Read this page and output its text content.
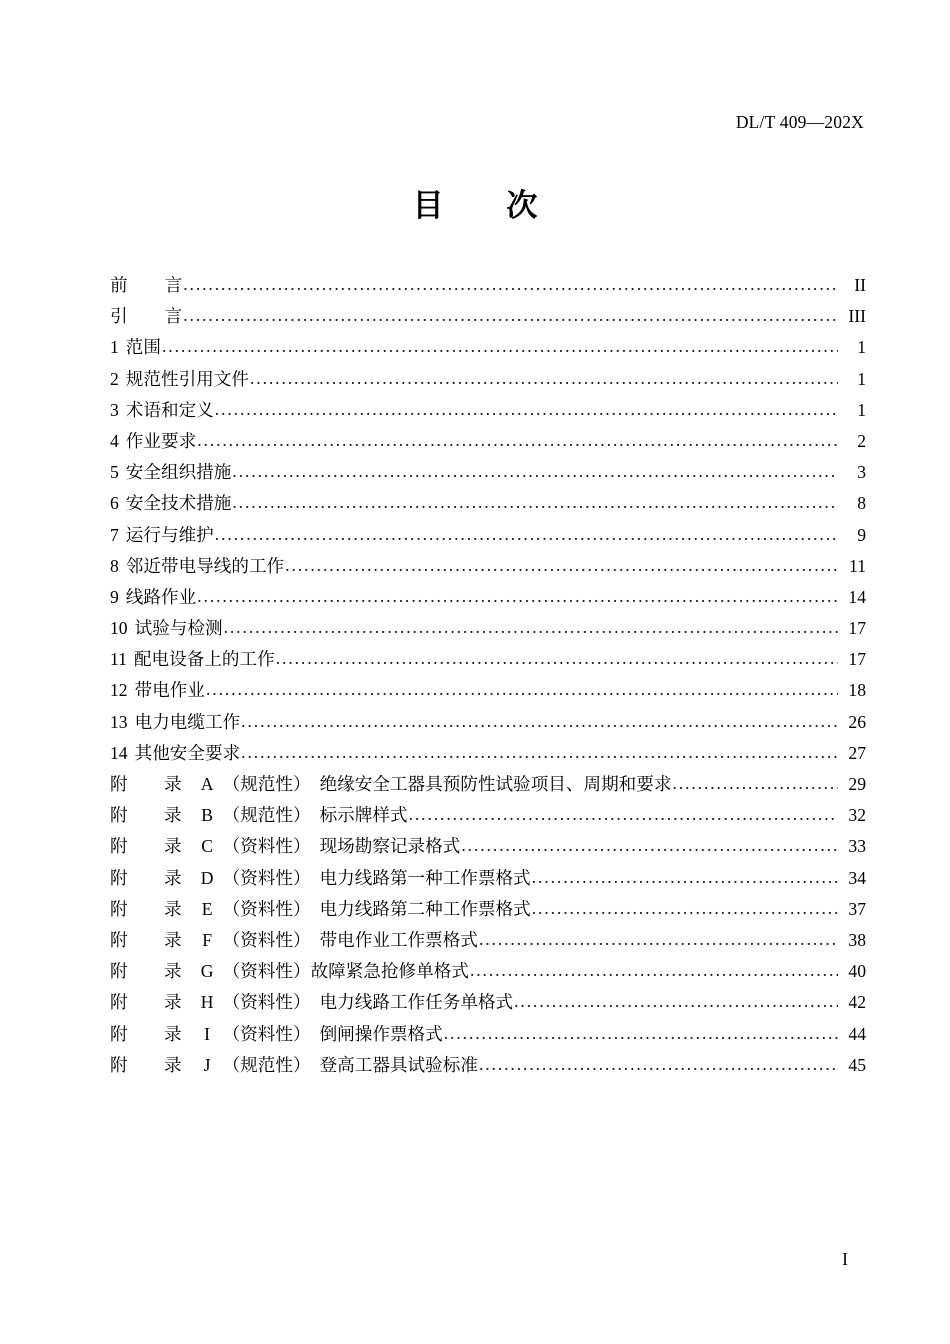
DL/T 409—202X
目 次
前 言 .....	II
引 言 .....	III
1 范围 .....	1
2 规范性引用文件 .....	1
3 术语和定义 .....	1
4 作业要求 .....	2
5 安全组织措施 .....	3
6 安全技术措施 .....	8
7 运行与维护 .....	9
8 邻近带电导线的工作 .....	11
9 线路作业 .....	14
10 试验与检测 .....	17
11 配电设备上的工作 .....	17
12 带电作业 .....	18
13 电力电缆工作 .....	26
14 其他安全要求 .....	27
附 录 A （规范性） 绝缘安全工器具预防性试验项目、周期和要求 .....	29
附 录 B （规范性） 标示牌样式 .....	32
附 录 C （资料性） 现场勘察记录格式 .....	33
附 录 D （资料性） 电力线路第一种工作票格式 .....	34
附 录 E （资料性） 电力线路第二种工作票格式 .....	37
附 录 F （资料性） 带电作业工作票格式 .....	38
附 录 G （资料性）故障紧急抢修单格式 .....	40
附 录 H （资料性） 电力线路工作任务单格式 .....	42
附 录 I （资料性） 倒闸操作票格式 .....	44
附 录 J （规范性） 登高工器具试验标准 .....	45
I
